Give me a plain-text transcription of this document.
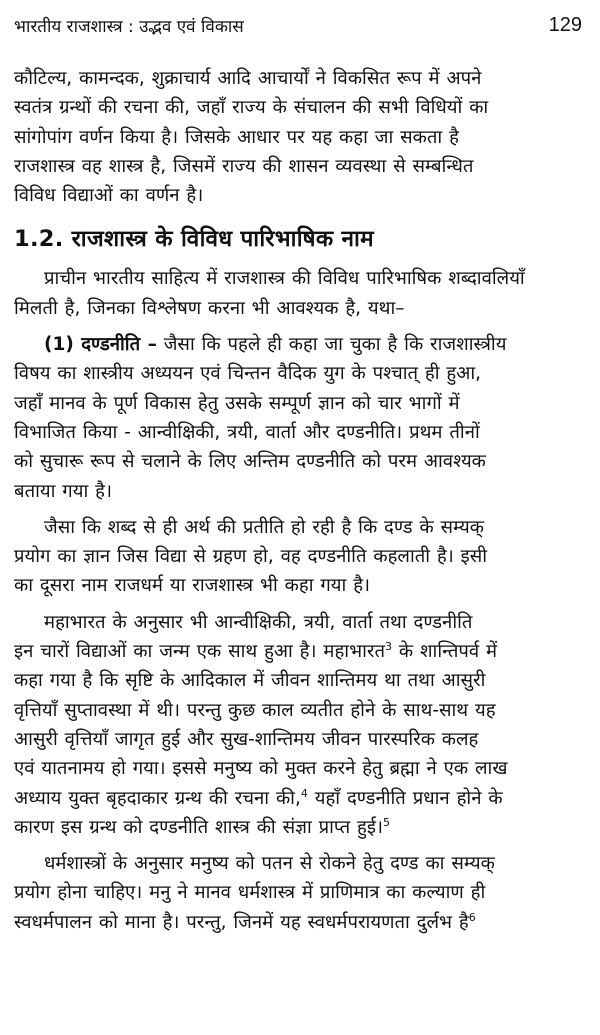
भारतीय राजशास्त्र : उद्भव एवं विकास	129

कौटिल्य, कामन्दक, शुक्राचार्य आदि आचार्यों ने विकसित रूप में अपने
स्वतंत्र ग्रन्थों की रचना की, जहाँ राज्य के संचालन की सभी विधियों का
सांगोपांग वर्णन किया है। जिसके आधार पर यह कहा जा सकता है
राजशास्त्र वह शास्त्र है, जिसमें राज्य की शासन व्यवस्था से सम्बन्धित
विविध विद्याओं का वर्णन है।

1.2. राजशास्त्र के विविध पारिभाषिक नाम

प्राचीन भारतीय साहित्य में राजशास्त्र की विविध पारिभाषिक शब्दावलियाँ
मिलती है, जिनका विश्लेषण करना भी आवश्यक है, यथा–

(1) दण्डनीति – जैसा कि पहले ही कहा जा चुका है कि राजशास्त्रीय
विषय का शास्त्रीय अध्ययन एवं चिन्तन वैदिक युग के पश्चात् ही हुआ,
जहाँ मानव के पूर्ण विकास हेतु उसके सम्पूर्ण ज्ञान को चार भागों में
विभाजित किया - आन्वीक्षिकी, त्रयी, वार्ता और दण्डनीति। प्रथम तीनों
को सुचारू रूप से चलाने के लिए अन्तिम दण्डनीति को परम आवश्यक
बताया गया है।

जैसा कि शब्द से ही अर्थ की प्रतीति हो रही है कि दण्ड के सम्यक्
प्रयोग का ज्ञान जिस विद्या से ग्रहण हो, वह दण्डनीति कहलाती है। इसी
का दूसरा नाम राजधर्म या राजशास्त्र भी कहा गया है।

महाभारत के अनुसार भी आन्वीक्षिकी, त्रयी, वार्ता तथा दण्डनीति
इन चारों विद्याओं का जन्म एक साथ हुआ है। महाभारत$^3$ के शान्तिपर्व में
कहा गया है कि सृष्टि के आदिकाल में जीवन शान्तिमय था तथा आसुरी
वृत्तियाँ सुप्तावस्था में थी। परन्तु कुछ काल व्यतीत होने के साथ-साथ यह
आसुरी वृत्तियाँ जागृत हुई और सुख-शान्तिमय जीवन पारस्परिक कलह
एवं यातनामय हो गया। इससे मनुष्य को मुक्त करने हेतु ब्रह्मा ने एक लाख
अध्याय युक्त बृहदाकार ग्रन्थ की रचना की,$^4$ यहाँ दण्डनीति प्रधान होने के
कारण इस ग्रन्थ को दण्डनीति शास्त्र की संज्ञा प्राप्त हुई।$^5$

धर्मशास्त्रों के अनुसार मनुष्य को पतन से रोकने हेतु दण्ड का सम्यक्
प्रयोग होना चाहिए। मनु ने मानव धर्मशास्त्र में प्राणिमात्र का कल्याण ही
स्वधर्मपालन को माना है। परन्तु, जिनमें यह स्वधर्मपरायणता दुर्लभ है$^6$
